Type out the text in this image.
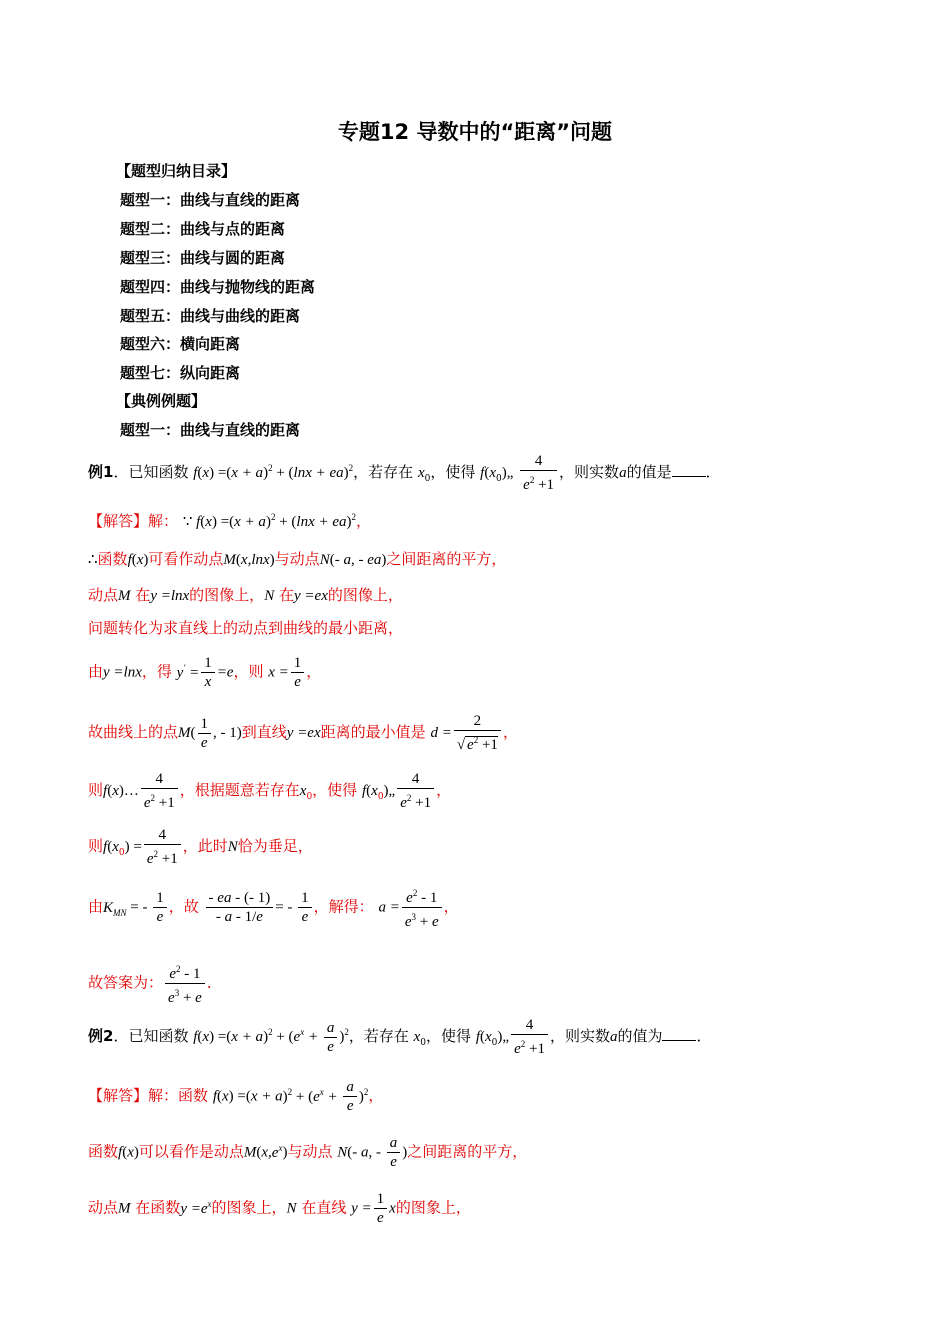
专题12 导数中的“距离”问题
【题型归纳目录】
题型一：曲线与直线的距离
题型二：曲线与点的距离
题型三：曲线与圆的距离
题型四：曲线与抛物线的距离
题型五：曲线与曲线的距离
题型六：横向距离
题型七：纵向距离
【典例例题】
题型一：曲线与直线的距离
例1．已知函数 $f(x) =(x + a)^2 + (\ln x + ea)^2$，若存在 $x_0$，使得 $f(x_0)„ \frac{4}{e^2 +1}$ ，则实数a的值是 ．
【解答】解： ∵ $f(x) =(x + a)^2 + (\ln x + ea)^2$，
∴函数f(x)可看作动点M(x,lnx)与动点N(- a, - ea)之间距离的平方，
动点M 在y =lnx的图像上，N 在y =ex的图像上，
问题转化为求直线上的动点到曲线的最小距离，
由y =lnx，得 $y' = \frac{1}{x} =e$，则 $x = \frac{1}{e}$ ，
故曲线上的点$M( \frac{1}{e}$ , - 1)到直线y =ex距离的最小值是 $d = \frac{2}{√ e^2 +1}$ ，
则f(x)… $\frac{4}{e^2 +1}$ ，根据题意若存在$x_0$，使得 $f(x_0)„ \frac{4}{e^2 +1}$ ，
则$f(x_0) = \frac{4}{e^2 +1}$ ，此时N恰为垂足，
由$K_{MN}$ = - $\frac{1}{e}$ ，故 $\frac{- ea - (- 1)}{- a - 1/e}$ = - $\frac{1}{e}$ ，解得： $a = \frac{e^2 - 1}{e^3 + e}$ ，
故答案为： $\frac{e^2 - 1}{e^3 + e}$ ．
例2．已知函数 $f(x) =(x + a)^2 + (e^x + \frac{a}{e} )^2$，若存在 $x_0$，使得 $f(x_0)„ \frac{4}{e^2 +1}$ ，则实数a的值为 ．
【解答】解：函数 $f(x) =(x + a)^2 + (e^x + \frac{a}{e} )^2$，
函数f(x)可以看作是动点$M(x,e^x)$与动点 N(- a, - $\frac{a}{e}$ )之间距离的平方，
动点M 在函数$y =e^x$的图象上，N 在直线 $y = \frac{1}{e}$ x的图象上，
